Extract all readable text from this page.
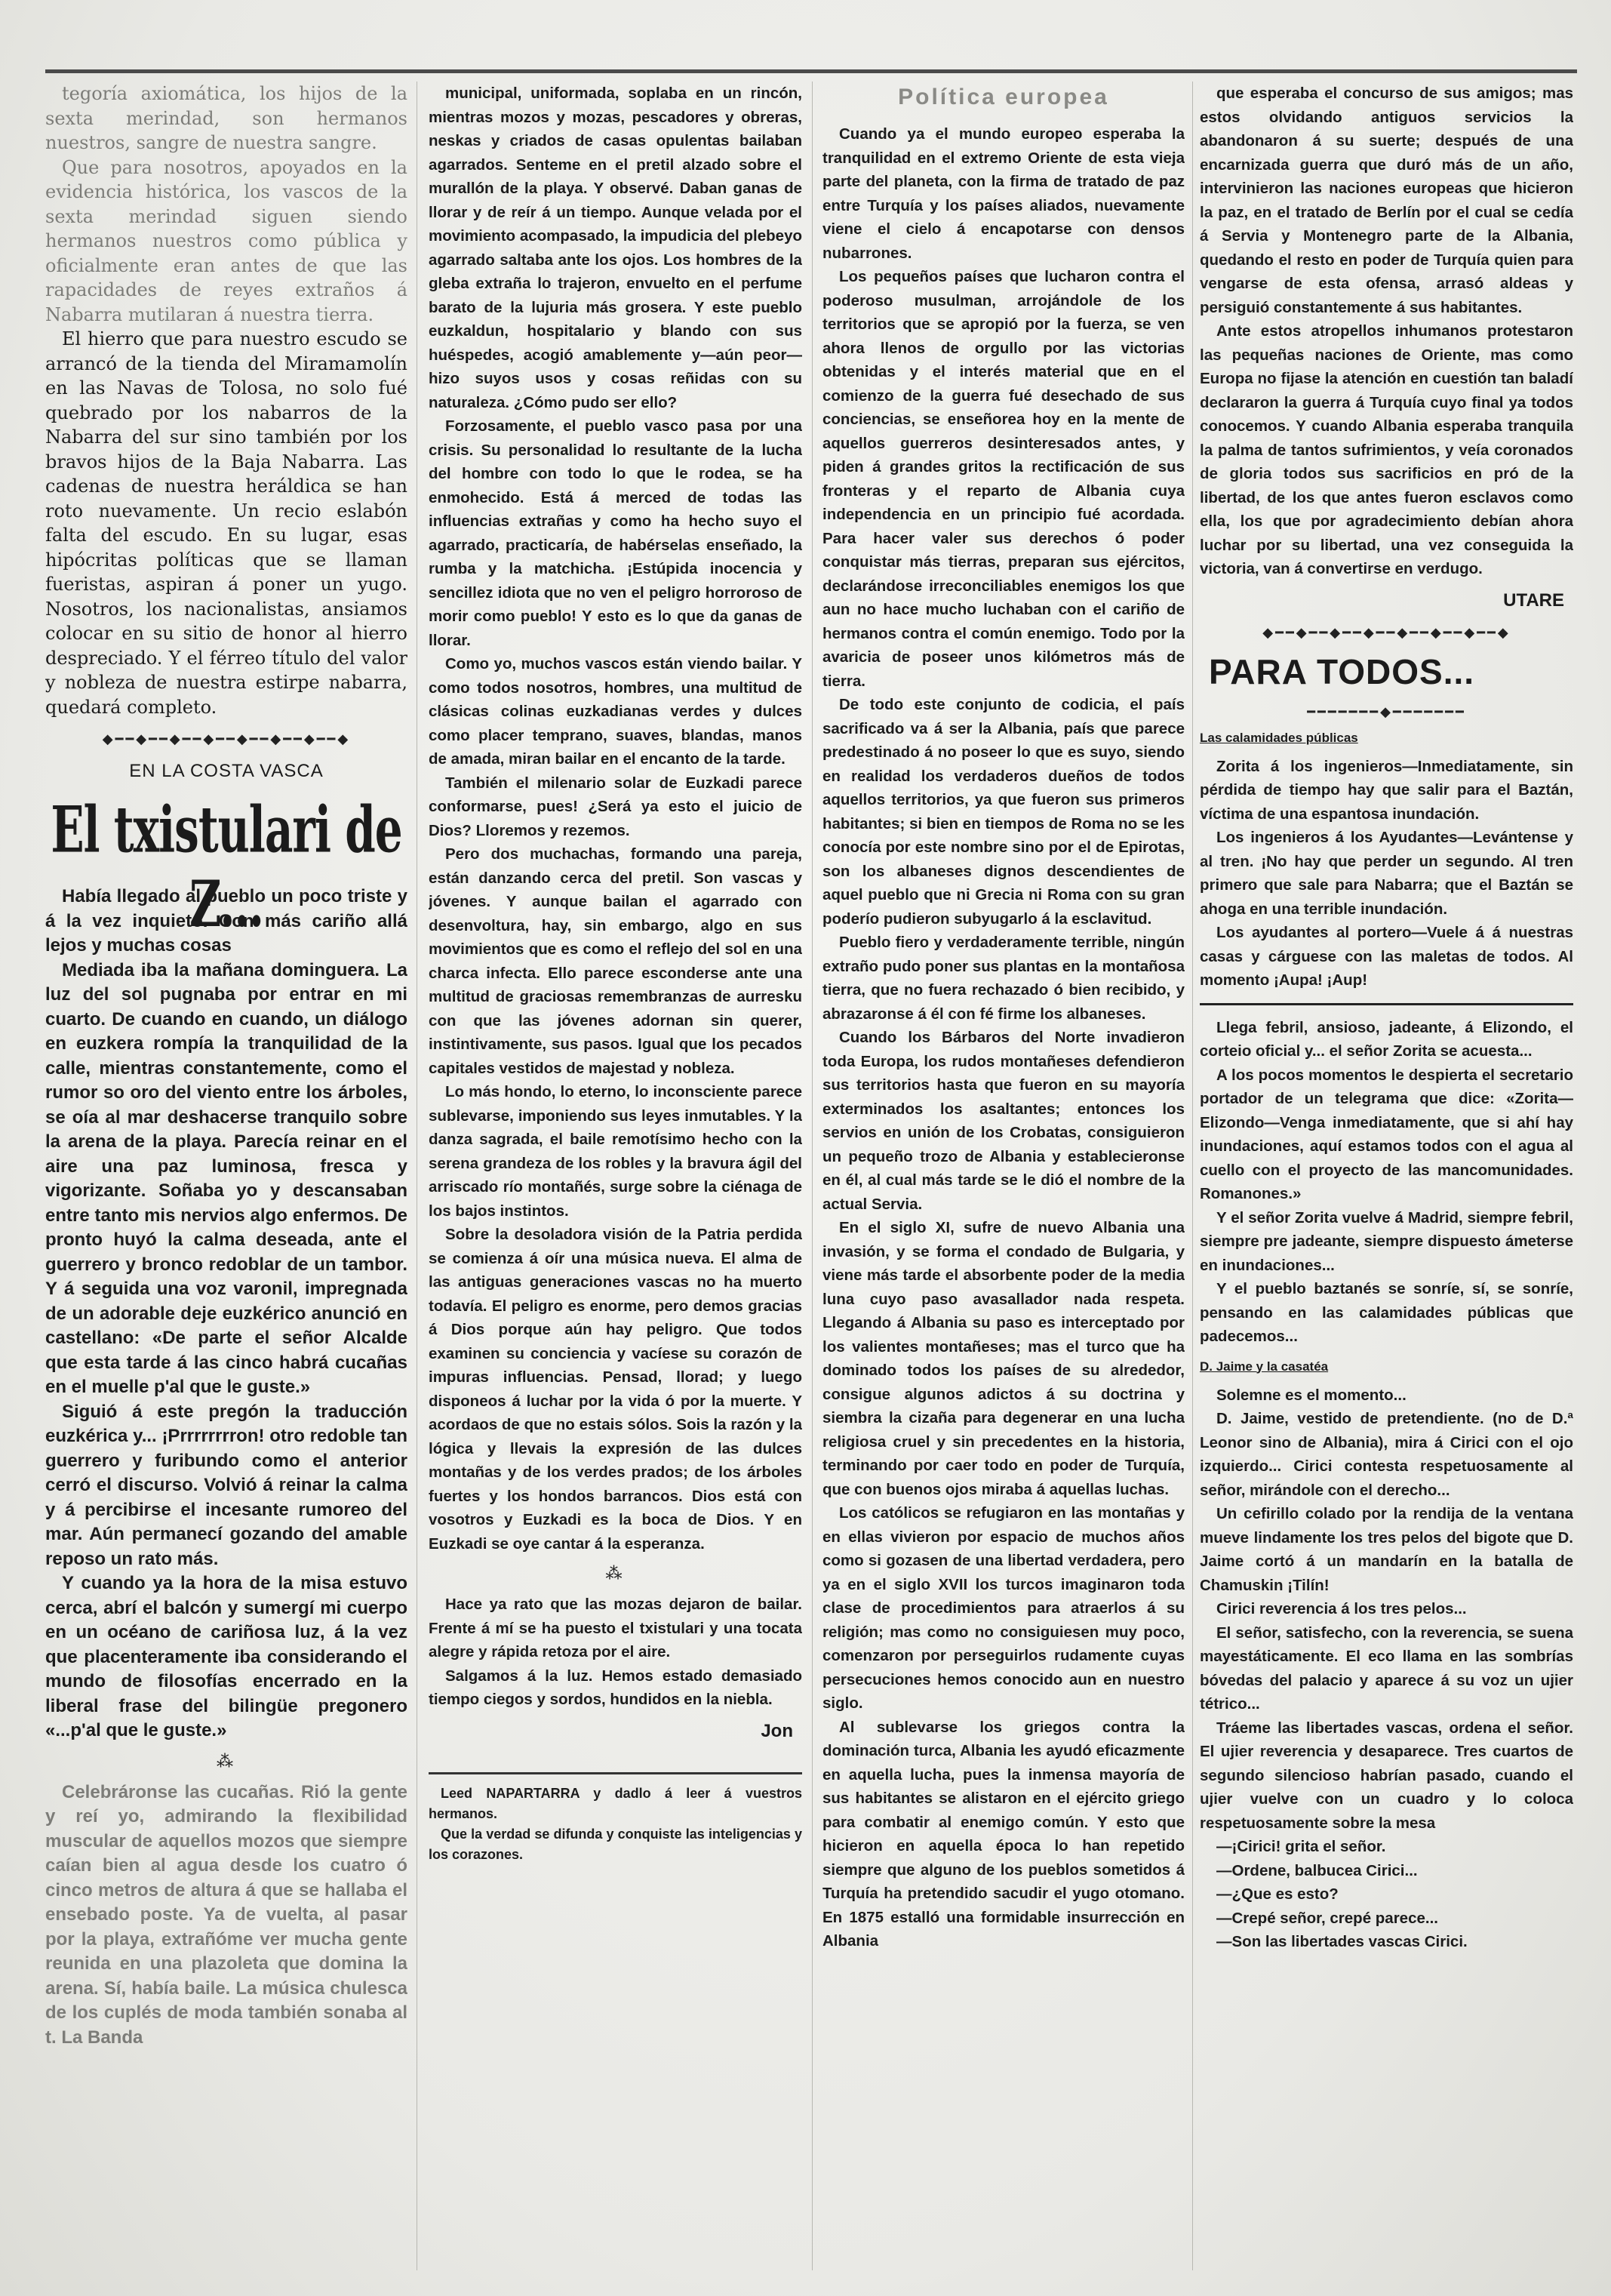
tegoría axiomática, los hijos de la sexta merindad, son hermanos nuestros, sangre de nuestra sangre.

Que para nosotros, apoyados en la evidencia histórica, los vascos de la sexta merindad siguen siendo hermanos nuestros como pública y oficialmente eran antes de que las rapacidades de reyes extraños á Nabarra mutilaran á nuestra tierra.

El hierro que para nuestro escudo se arrancó de la tienda del Miramamolín en las Navas de Tolosa, no solo fué quebrado por los nabarros de la Nabarra del sur sino también por los bravos hijos de la Baja Nabarra. Las cadenas de nuestra heráldica se han roto nuevamente. Un recio eslabón falta del escudo. En su lugar, esas hipócritas políticas que se llaman fueristas, aspiran á poner un yugo. Nosotros, los nacionalistas, ansiamos colocar en su sitio de honor al hierro despreciado. Y el férreo título del valor y nobleza de nuestra estirpe nabarra, quedará completo.

◆━━◆━━◆━━◆━━◆━━◆━━◆━━◆
EN LA COSTA VASCA
El txistulari de Z...

Había llegado al pueblo un poco triste y á la vez inquieto. Con más cariño allá lejos y muchas cosas

Mediada iba la mañana dominguera. La luz del sol pugnaba por entrar en mi cuarto. De cuando en cuando, un diálogo en euzkera rompía la tranquilidad de la calle, mientras constantemente, como el rumor so oro del viento entre los árboles, se oía al mar deshacerse tranquilo sobre la arena de la playa. Parecía reinar en el aire una paz luminosa, fresca y vigorizante. Soñaba yo y descansaban entre tanto mis nervios algo enfermos. De pronto huyó la calma deseada, ante el guerrero y bronco redoblar de un tambor. Y á seguida una voz varonil, impregnada de un adorable deje euzkérico anunció en castellano: «De parte el señor Alcalde que esta tarde á las cinco habrá cucañas en el muelle p'al que le guste.»

Siguió á este pregón la traducción euzkérica y... ¡Prrrrrrrron! otro redoble tan guerrero y furibundo como el anterior cerró el discurso. Volvió á reinar la calma y á percibirse el incesante rumoreo del mar. Aún permanecí gozando del amable reposo un rato más.

Y cuando ya la hora de la misa estuvo cerca, abrí el balcón y sumergí mi cuerpo en un océano de cariñosa luz, á la vez que placenteramente iba considerando el mundo de filosofías encerrado en la liberal frase del bilingüe pregonero «...p'al que le guste.»

⁂

Celebráronse las cucañas. Rió la gente y reí yo, admirando la flexibilidad muscular de aquellos mozos que siempre caían bien al agua desde los cuatro ó cinco metros de altura á que se hallaba el ensebado poste. Ya de vuelta, al pasar por la playa, extrañóme ver mucha gente reunida en una plazoleta que domina la arena. Sí, había baile. La música chulesca de los cuplés de moda también sonaba al t. La Banda

municipal, uniformada, soplaba en un rincón, mientras mozos y mozas, pescadores y obreras, neskas y criados de casas opulentas bailaban agarrados. Senteme en el pretil alzado sobre el murallón de la playa. Y observé. Daban ganas de llorar y de reír á un tiempo. Aunque velada por el movimiento acompasado, la impudicia del plebeyo agarrado saltaba ante los ojos. Los hombres de la gleba extraña lo trajeron, envuelto en el perfume barato de la lujuria más grosera. Y este pueblo euzkaldun, hospitalario y blando con sus huéspedes, acogió amablemente y—aún peor—hizo suyos usos y cosas reñidas con su naturaleza. ¿Cómo pudo ser ello?

Forzosamente, el pueblo vasco pasa por una crisis. Su personalidad lo resultante de la lucha del hombre con todo lo que le rodea, se ha enmohecido. Está á merced de todas las influencias extrañas y como ha hecho suyo el agarrado, practicaría, de habérselas enseñado, la rumba y la matchicha. ¡Estúpida inocencia y sencillez idiota que no ven el peligro horroroso de morir como pueblo! Y esto es lo que da ganas de llorar.

Como yo, muchos vascos están viendo bailar. Y como todos nosotros, hombres, una multitud de clásicas colinas euzkadianas verdes y dulces como placer temprano, suaves, blandas, manos de amada, miran bailar en el encanto de la tarde.

También el milenario solar de Euzkadi parece conformarse, pues! ¿Será ya esto el juicio de Dios? Lloremos y rezemos.

Pero dos muchachas, formando una pareja, están danzando cerca del pretil. Son vascas y jóvenes. Y aunque bailan el agarrado con desenvoltura, hay, sin embargo, algo en sus movimientos que es como el reflejo del sol en una charca infecta. Ello parece esconderse ante una multitud de graciosas remembranzas de aurresku con que las jóvenes adornan sin querer, instintivamente, sus pasos. Igual que los pecados capitales vestidos de majestad y nobleza.

Lo más hondo, lo eterno, lo inconsciente parece sublevarse, imponiendo sus leyes inmutables. Y la danza sagrada, el baile remotísimo hecho con la serena grandeza de los robles y la bravura ágil del arriscado río montañés, surge sobre la ciénaga de los bajos instintos.

Sobre la desoladora visión de la Patria perdida se comienza á oír una música nueva. El alma de las antiguas generaciones vascas no ha muerto todavía. El peligro es enorme, pero demos gracias á Dios porque aún hay peligro. Que todos examinen su conciencia y vacíese su corazón de impuras influencias. Pensad, llorad; y luego disponeos á luchar por la vida ó por la muerte. Y acordaos de que no estais sólos. Sois la razón y la lógica y llevais la expresión de las dulces montañas y de los verdes prados; de los árboles fuertes y los hondos barrancos. Dios está con vosotros y Euzkadi es la boca de Dios. Y en Euzkadi se oye cantar á la esperanza.

⁂

Hace ya rato que las mozas dejaron de bailar. Frente á mí se ha puesto el txistulari y una tocata alegre y rápida retoza por el aire.

Salgamos á la luz. Hemos estado demasiado tiempo ciegos y sordos, hundidos en la niebla.

Jon

Leed NAPARTARRA y dadlo á leer á vuestros hermanos.

Que la verdad se difunda y conquiste las inteligencias y los corazones.

Política europea

Cuando ya el mundo europeo esperaba la tranquilidad en el extremo Oriente de esta vieja parte del planeta, con la firma de tratado de paz entre Turquía y los países aliados, nuevamente viene el cielo á encapotarse con densos nubarrones.

Los pequeños países que lucharon contra el poderoso musulman, arrojándole de los territorios que se apropió por la fuerza, se ven ahora llenos de orgullo por las victorias obtenidas y el interés material que en el comienzo de la guerra fué desechado de sus conciencias, se enseñorea hoy en la mente de aquellos guerreros desinteresados antes, y piden á grandes gritos la rectificación de sus fronteras y el reparto de Albania cuya independencia en un principio fué acordada. Para hacer valer sus derechos ó poder conquistar más tierras, preparan sus ejércitos, declarándose irreconciliables enemigos los que aun no hace mucho luchaban con el cariño de hermanos contra el común enemigo. Todo por la avaricia de poseer unos kilómetros más de tierra.

De todo este conjunto de codicia, el país sacrificado va á ser la Albania, país que parece predestinado á no poseer lo que es suyo, siendo en realidad los verdaderos dueños de todos aquellos territorios, ya que fueron sus primeros habitantes; si bien en tiempos de Roma no se les conocía por este nombre sino por el de Epirotas, son los albaneses dignos descendientes de aquel pueblo que ni Grecia ni Roma con su gran poderío pudieron subyugarlo á la esclavitud.

Pueblo fiero y verdaderamente terrible, ningún extraño pudo poner sus plantas en la montañosa tierra, que no fuera rechazado ó bien recibido, y abrazaronse á él con fé firme los albaneses.

Cuando los Bárbaros del Norte invadieron toda Europa, los rudos montañeses defendieron sus territorios hasta que fueron en su mayoría exterminados los asaltantes; entonces los servios en unión de los Crobatas, consiguieron un pequeño trozo de Albania y establecieronse en él, al cual más tarde se le dió el nombre de la actual Servia.

En el siglo XI, sufre de nuevo Albania una invasión, y se forma el condado de Bulgaria, y viene más tarde el absorbente poder de la media luna cuyo paso avasallador nada respeta. Llegando á Albania su paso es interceptado por los valientes montañeses; mas el turco que ha dominado todos los países de su alrededor, consigue algunos adictos á su doctrina y siembra la cizaña para degenerar en una lucha religiosa cruel y sin precedentes en la historia, terminando por caer todo en poder de Turquía, que con buenos ojos miraba á aquellas luchas.

Los católicos se refugiaron en las montañas y en ellas vivieron por espacio de muchos años como si gozasen de una libertad verdadera, pero ya en el siglo XVII los turcos imaginaron toda clase de procedimientos para atraerlos á su religión; mas como no consiguiesen muy poco, comenzaron por perseguirlos rudamente cuyas persecuciones hemos conocido aun en nuestro siglo.

Al sublevarse los griegos contra la dominación turca, Albania les ayudó eficazmente en aquella lucha, pues la inmensa mayoría de sus habitantes se alistaron en el ejército griego para combatir al enemigo común. Y esto que hicieron en aquella época lo han repetido siempre que alguno de los pueblos sometidos á Turquía ha pretendido sacudir el yugo otomano. En 1875 estalló una formidable insurrección en Albania

que esperaba el concurso de sus amigos; mas estos olvidando antiguos servicios la abandonaron á su suerte; después de una encarnizada guerra que duró más de un año, intervinieron las naciones europeas que hicieron la paz, en el tratado de Berlín por el cual se cedía á Servia y Montenegro parte de la Albania, quedando el resto en poder de Turquía quien para vengarse de esta ofensa, arrasó aldeas y persiguió constantemente á sus habitantes.

Ante estos atropellos inhumanos protestaron las pequeñas naciones de Oriente, mas como Europa no fijase la atención en cuestión tan baladí declararon la guerra á Turquía cuyo final ya todos conocemos. Y cuando Albania esperaba tranquila la palma de tantos sufrimientos, y veía coronados de gloria todos sus sacrificios en pró de la libertad, de los que antes fueron esclavos como ella, los que por agradecimiento debían ahora luchar por su libertad, una vez conseguida la victoria, van á convertirse en verdugo.

UTARE
◆━━◆━━◆━━◆━━◆━━◆━━◆━━◆
PARA TODOS...
━━━━━━━◆━━━━━━━
Las calamidades públicas

Zorita á los ingenieros—Inmediatamente, sin pérdida de tiempo hay que salir para el Baztán, víctima de una espantosa inundación.

Los ingenieros á los Ayudantes—Levántense y al tren. ¡No hay que perder un segundo. Al tren primero que sale para Nabarra; que el Baztán se ahoga en una terrible inundación.

Los ayudantes al portero—Vuele á á nuestras casas y cárguese con las maletas de todos. Al momento ¡Aupa! ¡Aup!

Llega febril, ansioso, jadeante, á Elizondo, el corteio oficial y... el señor Zorita se acuesta...

A los pocos momentos le despierta el secretario portador de un telegrama que dice: «Zorita—Elizondo—Venga inmediatamente, que si ahí hay inundaciones, aquí estamos todos con el agua al cuello con el proyecto de las mancomunidades. Romanones.»

Y el señor Zorita vuelve á Madrid, siempre febril, siempre pre jadeante, siempre dispuesto ámeterse en inundaciones...

Y el pueblo baztanés se sonríe, sí, se sonríe, pensando en las calamidades públicas que padecemos...

D. Jaime y la casatéa

Solemne es el momento...

D. Jaime, vestido de pretendiente. (no de D.ª Leonor sino de Albania), mira á Cirici con el ojo izquierdo... Cirici contesta respetuosamente al señor, mirándole con el derecho...

Un cefirillo colado por la rendija de la ventana mueve lindamente los tres pelos del bigote que D. Jaime cortó á un mandarín en la batalla de Chamuskin ¡Tilín!

Cirici reverencia á los tres pelos...

El señor, satisfecho, con la reverencia, se suena mayestáticamente. El eco llama en las sombrías bóvedas del palacio y aparece á su voz un ujier tétrico...

Tráeme las libertades vascas, ordena el señor. El ujier reverencia y desaparece. Tres cuartos de segundo silencioso habrían pasado, cuando el ujier vuelve con un cuadro y lo coloca respetuosamente sobre la mesa

—¡Cirici! grita el señor.

—Ordene, balbucea Cirici...

—¿Que es esto?

—Crepé señor, crepé parece...

—Son las libertades vascas Cirici.
